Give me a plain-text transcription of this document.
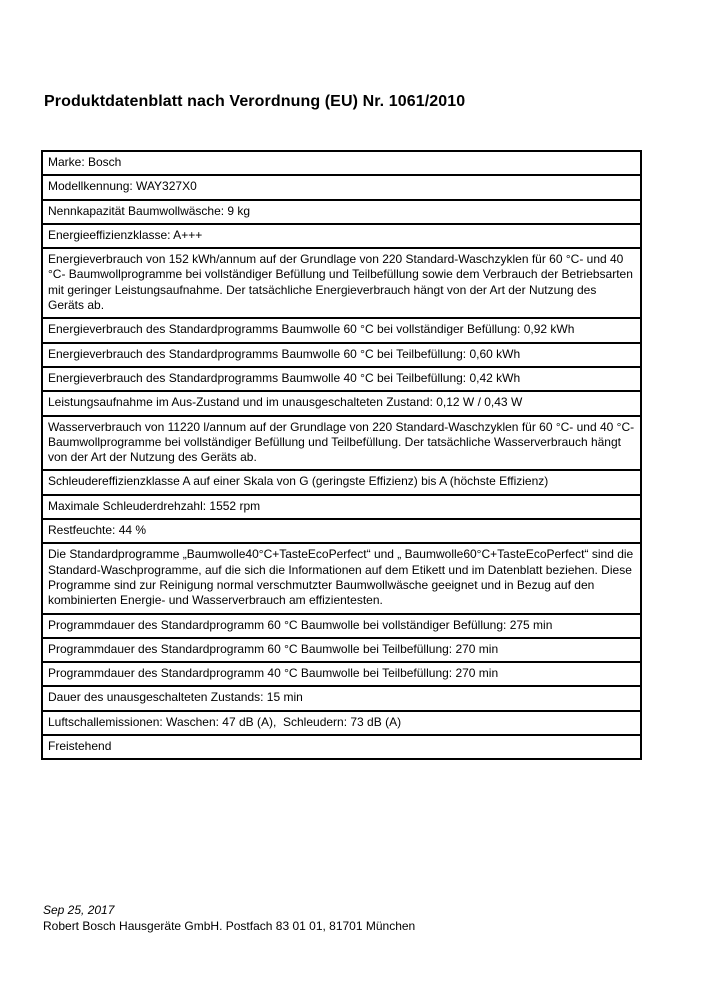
Produktdatenblatt nach Verordnung (EU) Nr. 1061/2010
Marke: Bosch
Modellkennung: WAY327X0
Nennkapazität Baumwollwäsche: 9 kg
Energieeffizienzklasse: A+++
Energieverbrauch von 152 kWh/annum auf der Grundlage von 220 Standard-Waschzyklen für 60 °C- und 40 °C- Baumwollprogramme bei vollständiger Befüllung und Teilbefüllung sowie dem Verbrauch der Betriebsarten mit geringer Leistungsaufnahme. Der tatsächliche Energieverbrauch hängt von der Art der Nutzung des Geräts ab.
Energieverbrauch des Standardprogramms Baumwolle 60 °C bei vollständiger Befüllung: 0,92 kWh
Energieverbrauch des Standardprogramms Baumwolle 60 °C bei Teilbefüllung: 0,60 kWh
Energieverbrauch des Standardprogramms Baumwolle 40 °C bei Teilbefüllung: 0,42 kWh
Leistungsaufnahme im Aus-Zustand und im unausgeschalteten Zustand: 0,12 W / 0,43 W
Wasserverbrauch von 11220 l/annum auf der Grundlage von 220 Standard-Waschzyklen für 60 °C- und 40 °C-Baumwollprogramme bei vollständiger Befüllung und Teilbefüllung. Der tatsächliche Wasserverbrauch hängt von der Art der Nutzung des Geräts ab.
Schleudereffizienzklasse A auf einer Skala von G (geringste Effizienz) bis A (höchste Effizienz)
Maximale Schleuderdrehzahl: 1552 rpm
Restfeuchte: 44 %
Die Standardprogramme „Baumwolle40°C+TasteEcoPerfect“ und „ Baumwolle60°C+TasteEcoPerfect“ sind die Standard-Waschprogramme, auf die sich die Informationen auf dem Etikett und im Datenblatt beziehen. Diese Programme sind zur Reinigung normal verschmutzter Baumwollwäsche geeignet und in Bezug auf den kombinierten Energie- und Wasserverbrauch am effizientesten.
Programmdauer des Standardprogramm 60 °C Baumwolle bei vollständiger Befüllung: 275 min
Programmdauer des Standardprogramm 60 °C Baumwolle bei Teilbefüllung: 270 min
Programmdauer des Standardprogramm 40 °C Baumwolle bei Teilbefüllung: 270 min
Dauer des unausgeschalteten Zustands: 15 min
Luftschallemissionen: Waschen: 47 dB (A),  Schleudern: 73 dB (A)
Freistehend
Sep 25, 2017
Robert Bosch Hausgeräte GmbH. Postfach 83 01 01, 81701 München
